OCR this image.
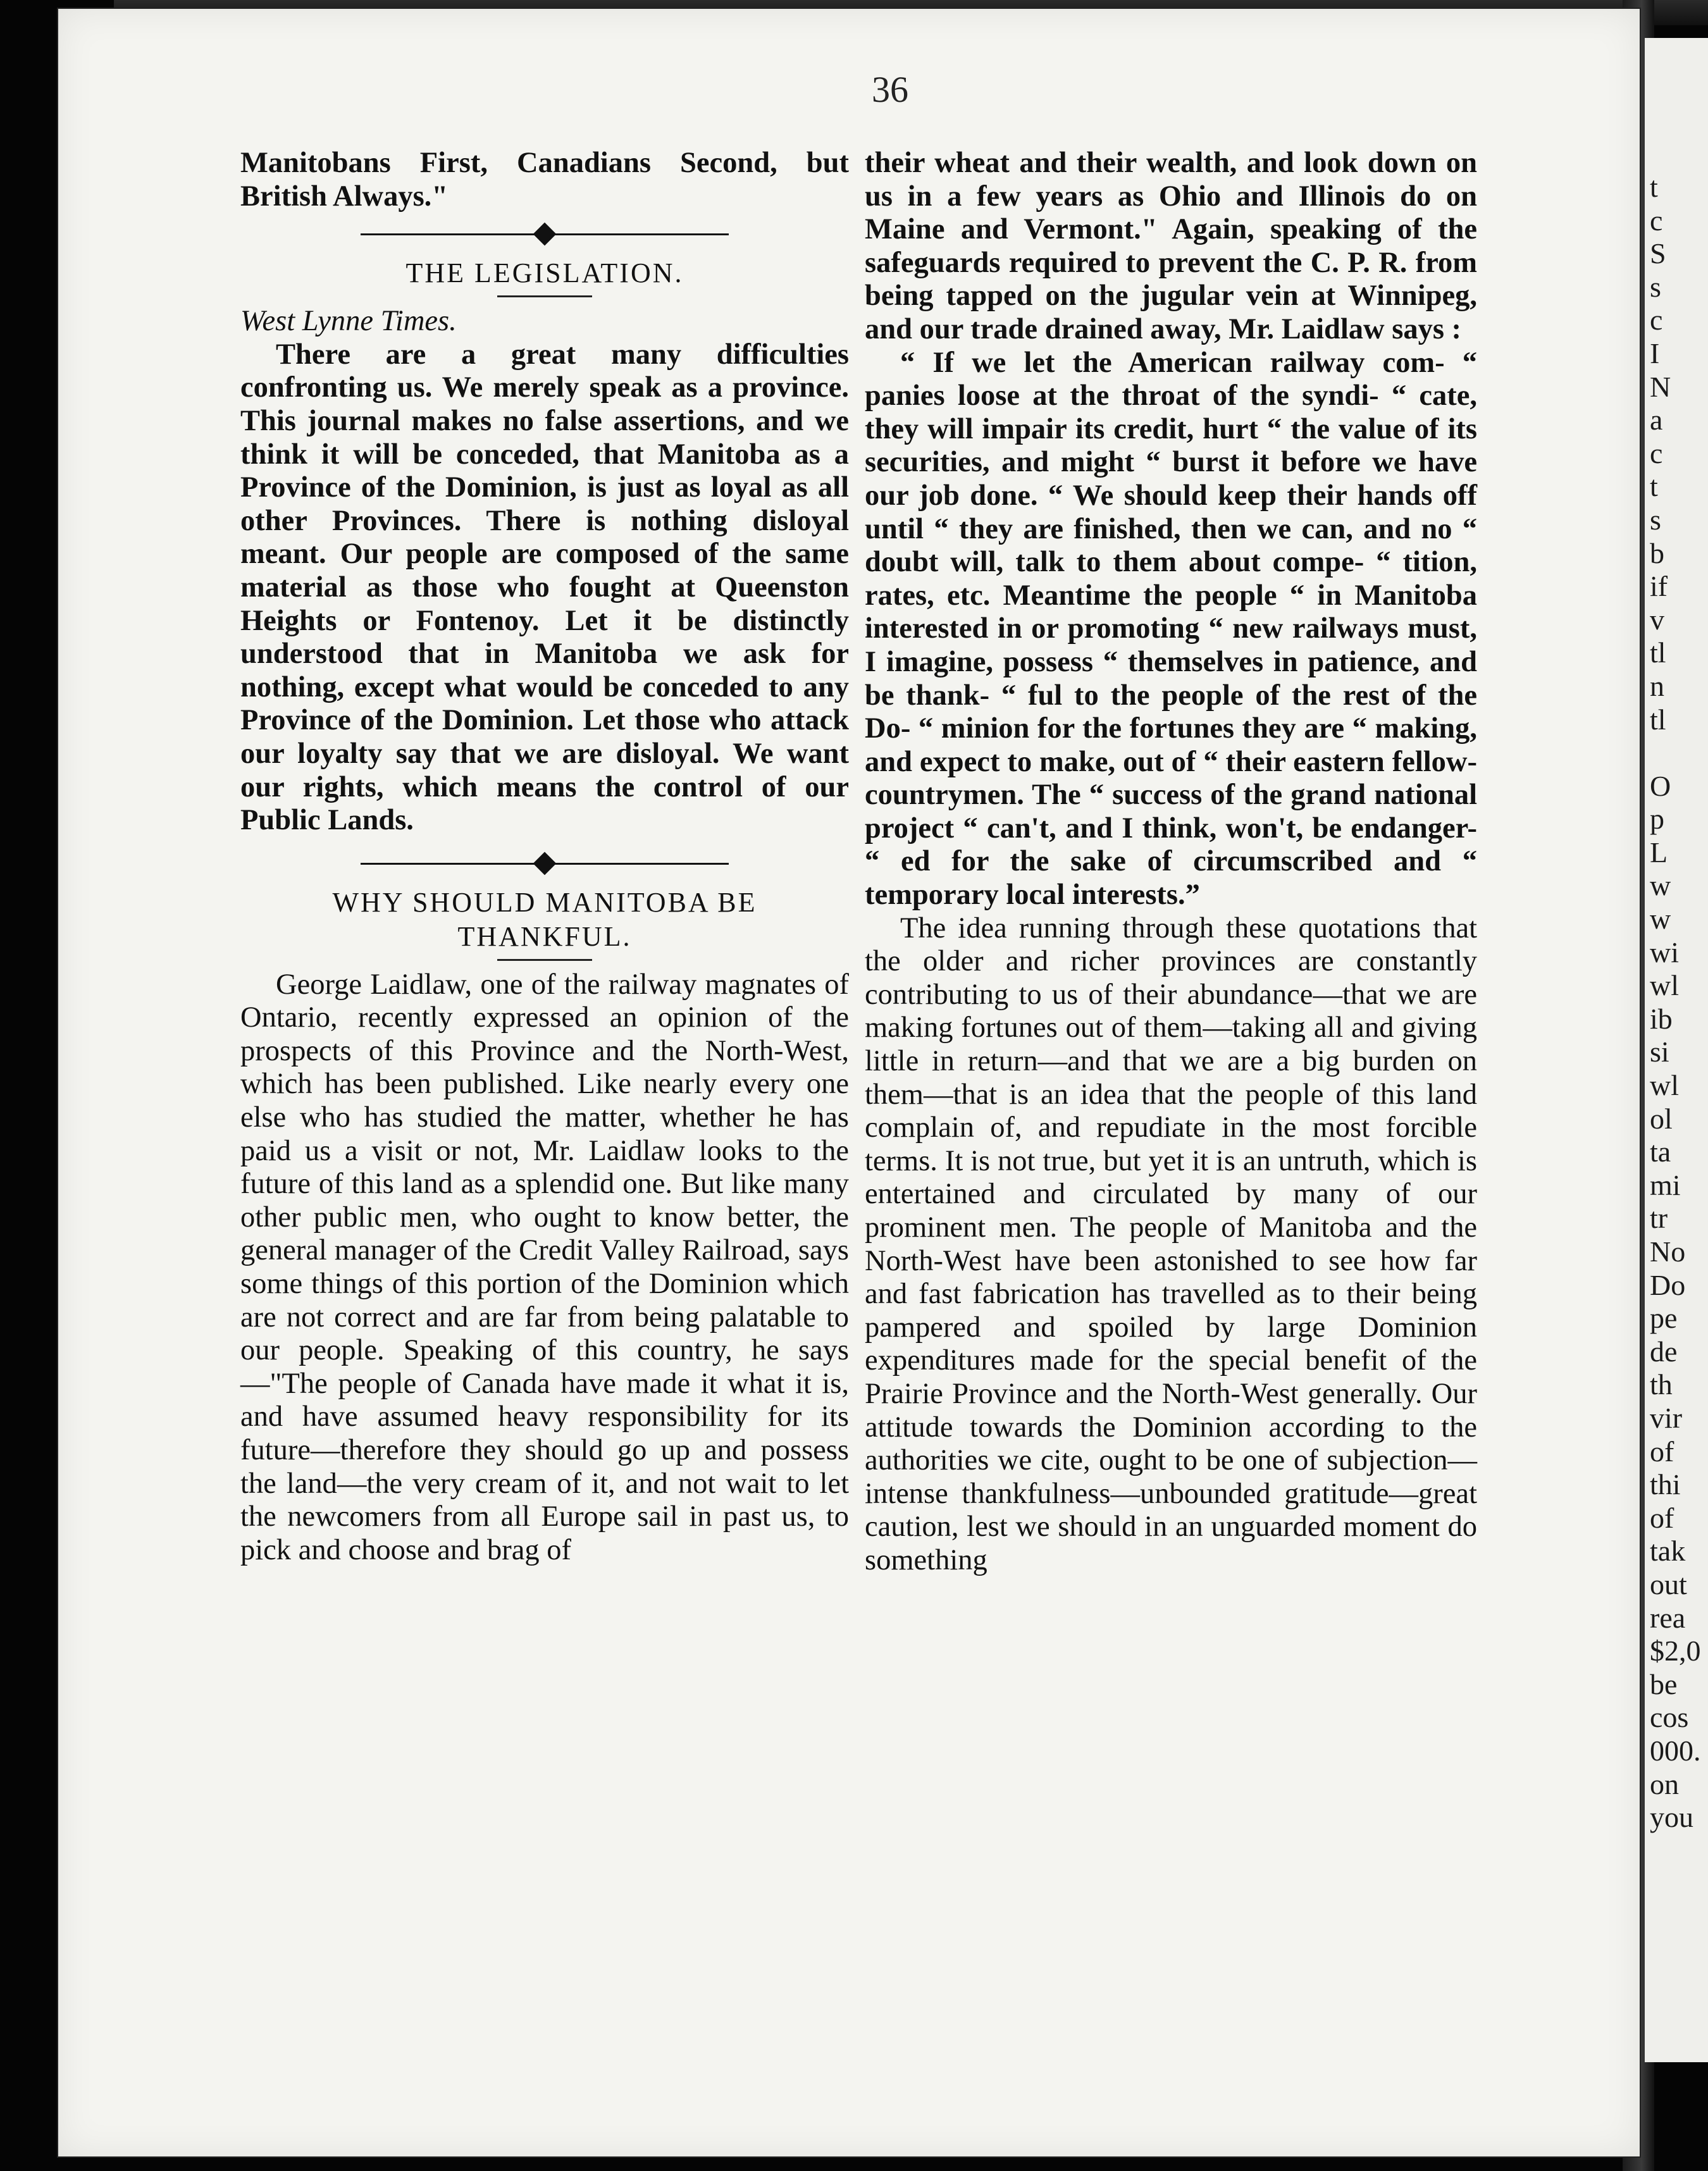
t
c
S
s
c
I
N
a
c
t
s
b
if
v
tl
n
tl

O
p
L
w
w
wi
wl
ib
si
wl
ol
ta
mi
tr
No
Do
pe
de
th
vir
of
thi
of
tak
out
rea
$2,0
be
cos
000.
on
you
36

Manitobans First, Canadians Second, but British Always."

THE LEGISLATION.

West Lynne Times.

There are a great many difficulties confronting us. We merely speak as a province. This journal makes no false assertions, and we think it will be conceded, that Manitoba as a Province of the Dominion, is just as loyal as all other Provinces. There is nothing disloyal meant. Our people are composed of the same material as those who fought at Queenston Heights or Fontenoy. Let it be distinctly understood that in Manitoba we ask for nothing, except what would be conceded to any Province of the Dominion. Let those who attack our loyalty say that we are disloyal. We want our rights, which means the control of our Public Lands.

WHY SHOULD MANITOBA BE

THANKFUL.

George Laidlaw, one of the railway magnates of Ontario, recently expressed an opinion of the prospects of this Province and the North-West, which has been published. Like nearly every one else who has studied the matter, whether he has paid us a visit or not, Mr. Laidlaw looks to the future of this land as a splendid one. But like many other public men, who ought to know better, the general manager of the Credit Valley Railroad, says some things of this portion of the Dominion which are not correct and are far from being palatable to our people. Speaking of this country, he says—"The people of Canada have made it what it is, and have assumed heavy responsibility for its future—therefore they should go up and possess the land—the very cream of it, and not wait to let the newcomers from all Europe sail in past us, to pick and choose and brag of

their wheat and their wealth, and look down on us in a few years as Ohio and Illinois do on Maine and Vermont." Again, speaking of the safeguards required to prevent the C. P. R. from being tapped on the jugular vein at Winnipeg, and our trade drained away, Mr. Laidlaw says :

“ If we let the American railway com- “ panies loose at the throat of the syndi- “ cate, they will impair its credit, hurt “ the value of its securities, and might “ burst it before we have our job done. “ We should keep their hands off until “ they are finished, then we can, and no “ doubt will, talk to them about compe- “ tition, rates, etc. Meantime the people “ in Manitoba interested in or promoting “ new railways must, I imagine, possess “ themselves in patience, and be thank- “ ful to the people of the rest of the Do- “ minion for the fortunes they are “ making, and expect to make, out of “ their eastern fellow-countrymen. The “ success of the grand national project “ can't, and I think, won't, be endanger- “ ed for the sake of circumscribed and “ temporary local interests.”

The idea running through these quotations that the older and richer provinces are constantly contributing to us of their abundance—that we are making fortunes out of them—taking all and giving little in return—and that we are a big burden on them—that is an idea that the people of this land complain of, and repudiate in the most forcible terms. It is not true, but yet it is an untruth, which is entertained and circulated by many of our prominent men. The people of Manitoba and the North-West have been astonished to see how far and fast fabrication has travelled as to their being pampered and spoiled by large Dominion expenditures made for the special benefit of the Prairie Province and the North-West generally. Our attitude towards the Dominion according to the authorities we cite, ought to be one of subjection—intense thankfulness—unbounded gratitude—great caution, lest we should in an unguarded moment do something
